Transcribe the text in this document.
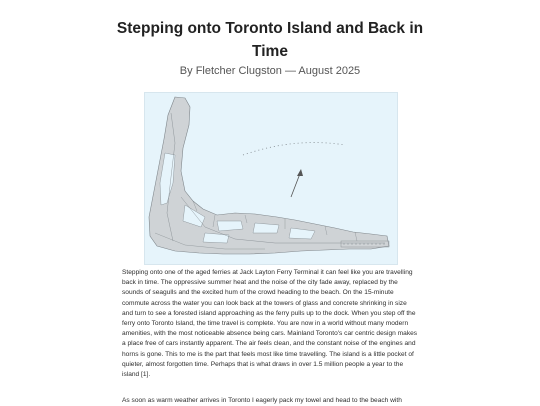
Stepping onto Toronto Island and Back in Time
By Fletcher Clugston — August 2025

Stepping onto one of the aged ferries at Jack Layton Ferry Terminal it can feel like you are travelling back in time. The oppressive summer heat and the noise of the city fade away, replaced by the sounds of seagulls and the excited hum of the crowd heading to the beach. On the 15-minute commute across the water you can look back at the towers of glass and concrete shrinking in size and turn to see a forested island approaching as the ferry pulls up to the dock. When you step off the ferry onto Toronto Island, the time travel is complete. You are now in a world without many modern amenities, with the most noticeable absence being cars. Mainland Toronto's car centric design makes a place free of cars instantly apparent. The air feels clean, and the constant noise of the engines and horns is gone. This to me is the part that feels most like time travelling. The island is a little pocket of quieter, almost forgotten time. Perhaps that is what draws in over 1.5 million people a year to the island [1].

As soon as warm weather arrives in Toronto I eagerly pack my towel and head to the beach with
